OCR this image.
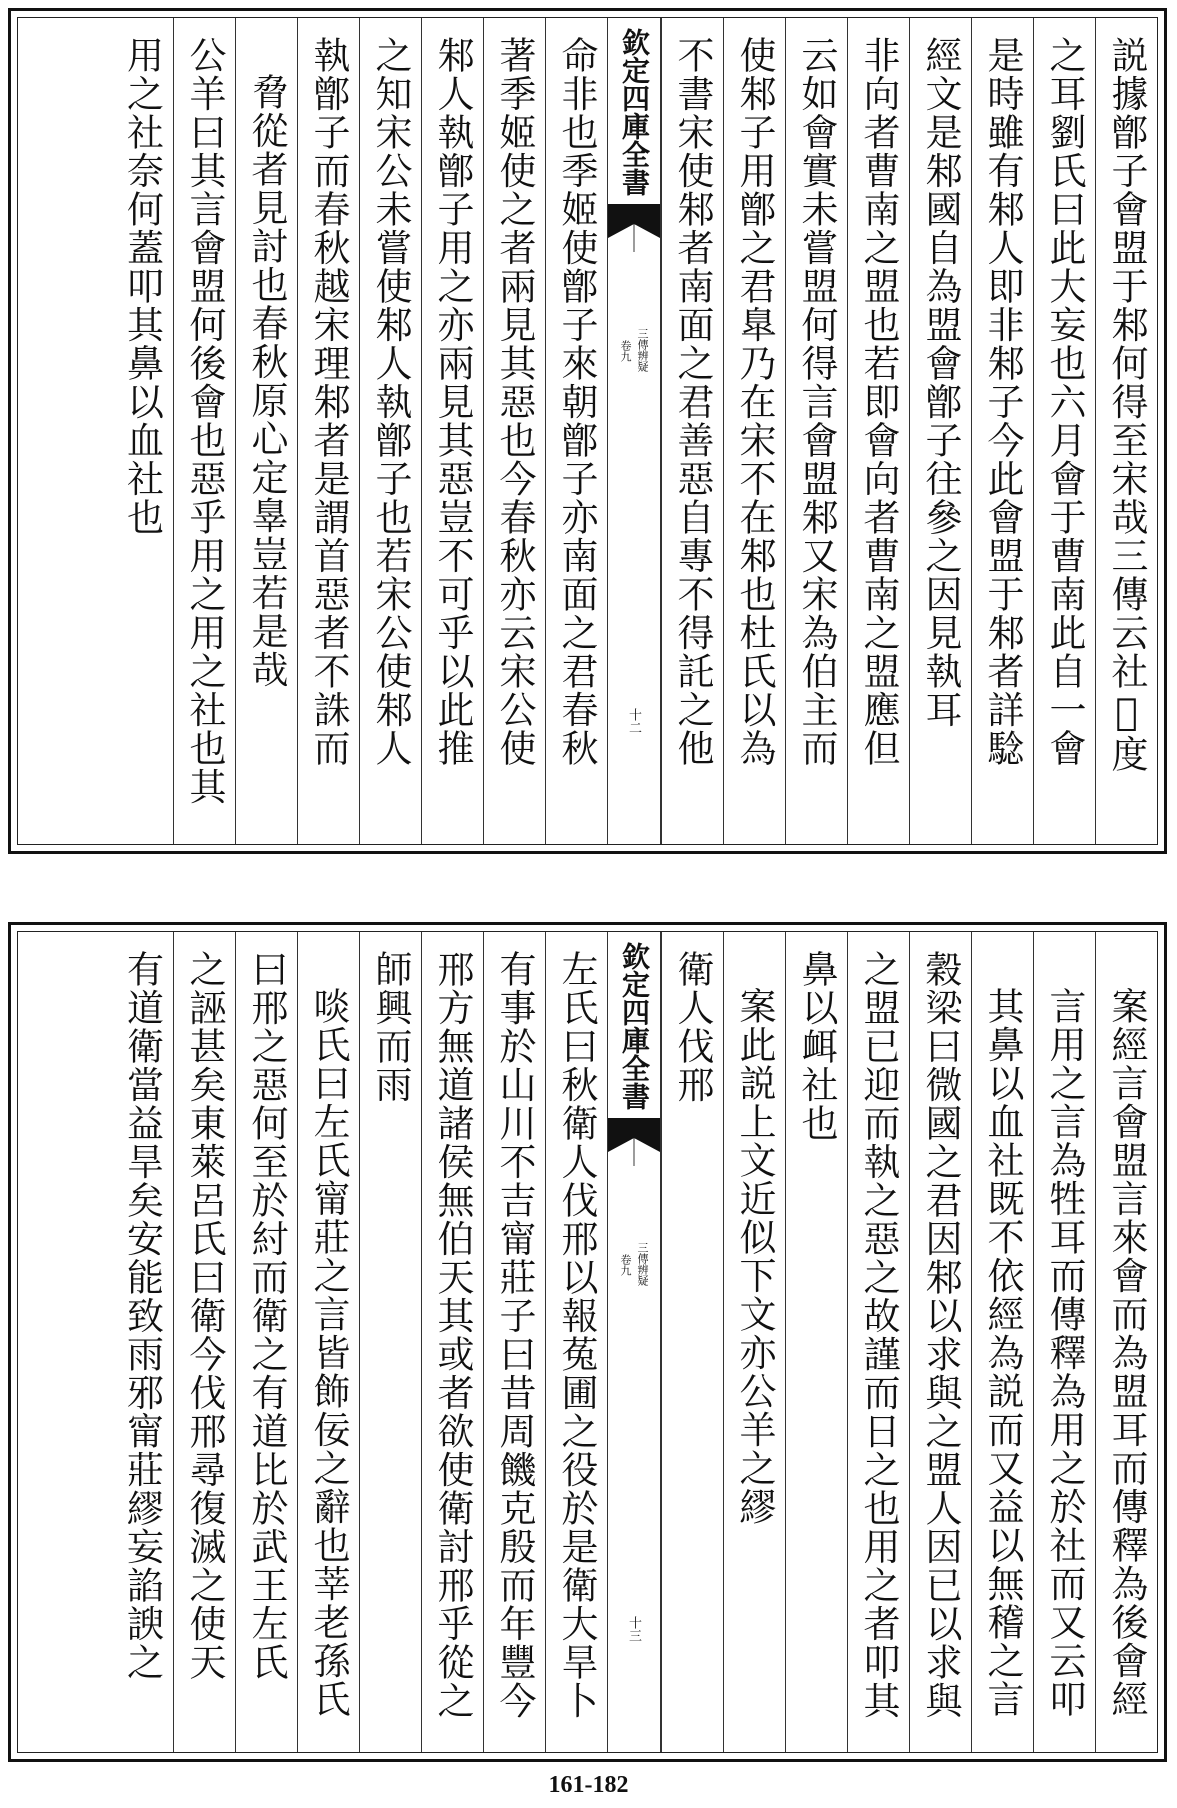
説據鄫子會盟于邾何得至宋哉三傳云社𠋣度
之耳劉氏曰此大妄也六月會于曹南此自一會
是時雖有邾人即非邾子今此會盟于邾者詳騐
經文是邾國自為盟會鄫子往參之因見執耳
非向者曹南之盟也若即會向者曹南之盟應但
云如會實未嘗盟何得言會盟邾又宋為伯主而
使邾子用鄫之君臯乃在宋不在邾也杜氏以為
不書宋使邾者南面之君善惡自專不得託之他
欽定四庫全書
三傳辨疑
卷九
十二
命非也季姬使鄫子來朝鄫子亦南面之君春秋
著季姬使之者兩見其惡也今春秋亦云宋公使
邾人執鄫子用之亦兩見其惡豈不可乎以此推
之知宋公未嘗使邾人執鄫子也若宋公使邾人
執鄫子而春秋越宋理邾者是謂首惡者不誅而
脅從者見討也春秋原心定辠豈若是哉
公羊曰其言會盟何後會也惡乎用之用之社也其
用之社奈何蓋叩其鼻以血社也
案經言會盟言來會而為盟耳而傳釋為後會經
言用之言為牲耳而傳釋為用之於社而又云叩
其鼻以血社既不依經為説而又益以無稽之言
穀梁曰微國之君因邾以求與之盟人因已以求與
之盟已迎而執之惡之故謹而日之也用之者叩其
鼻以衈社也
案此説上文近似下文亦公羊之繆
衛人伐邢
欽定四庫全書
三傳辨疑
卷九
十三
左氏曰秋衛人伐邢以報菟圃之役於是衛大旱卜
有事於山川不吉甯莊子曰昔周饑克殷而年豐今
邢方無道諸侯無伯天其或者欲使衛討邢乎從之
師興而雨
啖氏曰左氏甯莊之言皆飾佞之辭也莘老孫氏
曰邢之惡何至於紂而衛之有道比於武王左氏
之誣甚矣東萊呂氏曰衛今伐邢尋復滅之使天
有道衛當益旱矣安能致雨邪甯莊繆妄諂諛之
161-182
